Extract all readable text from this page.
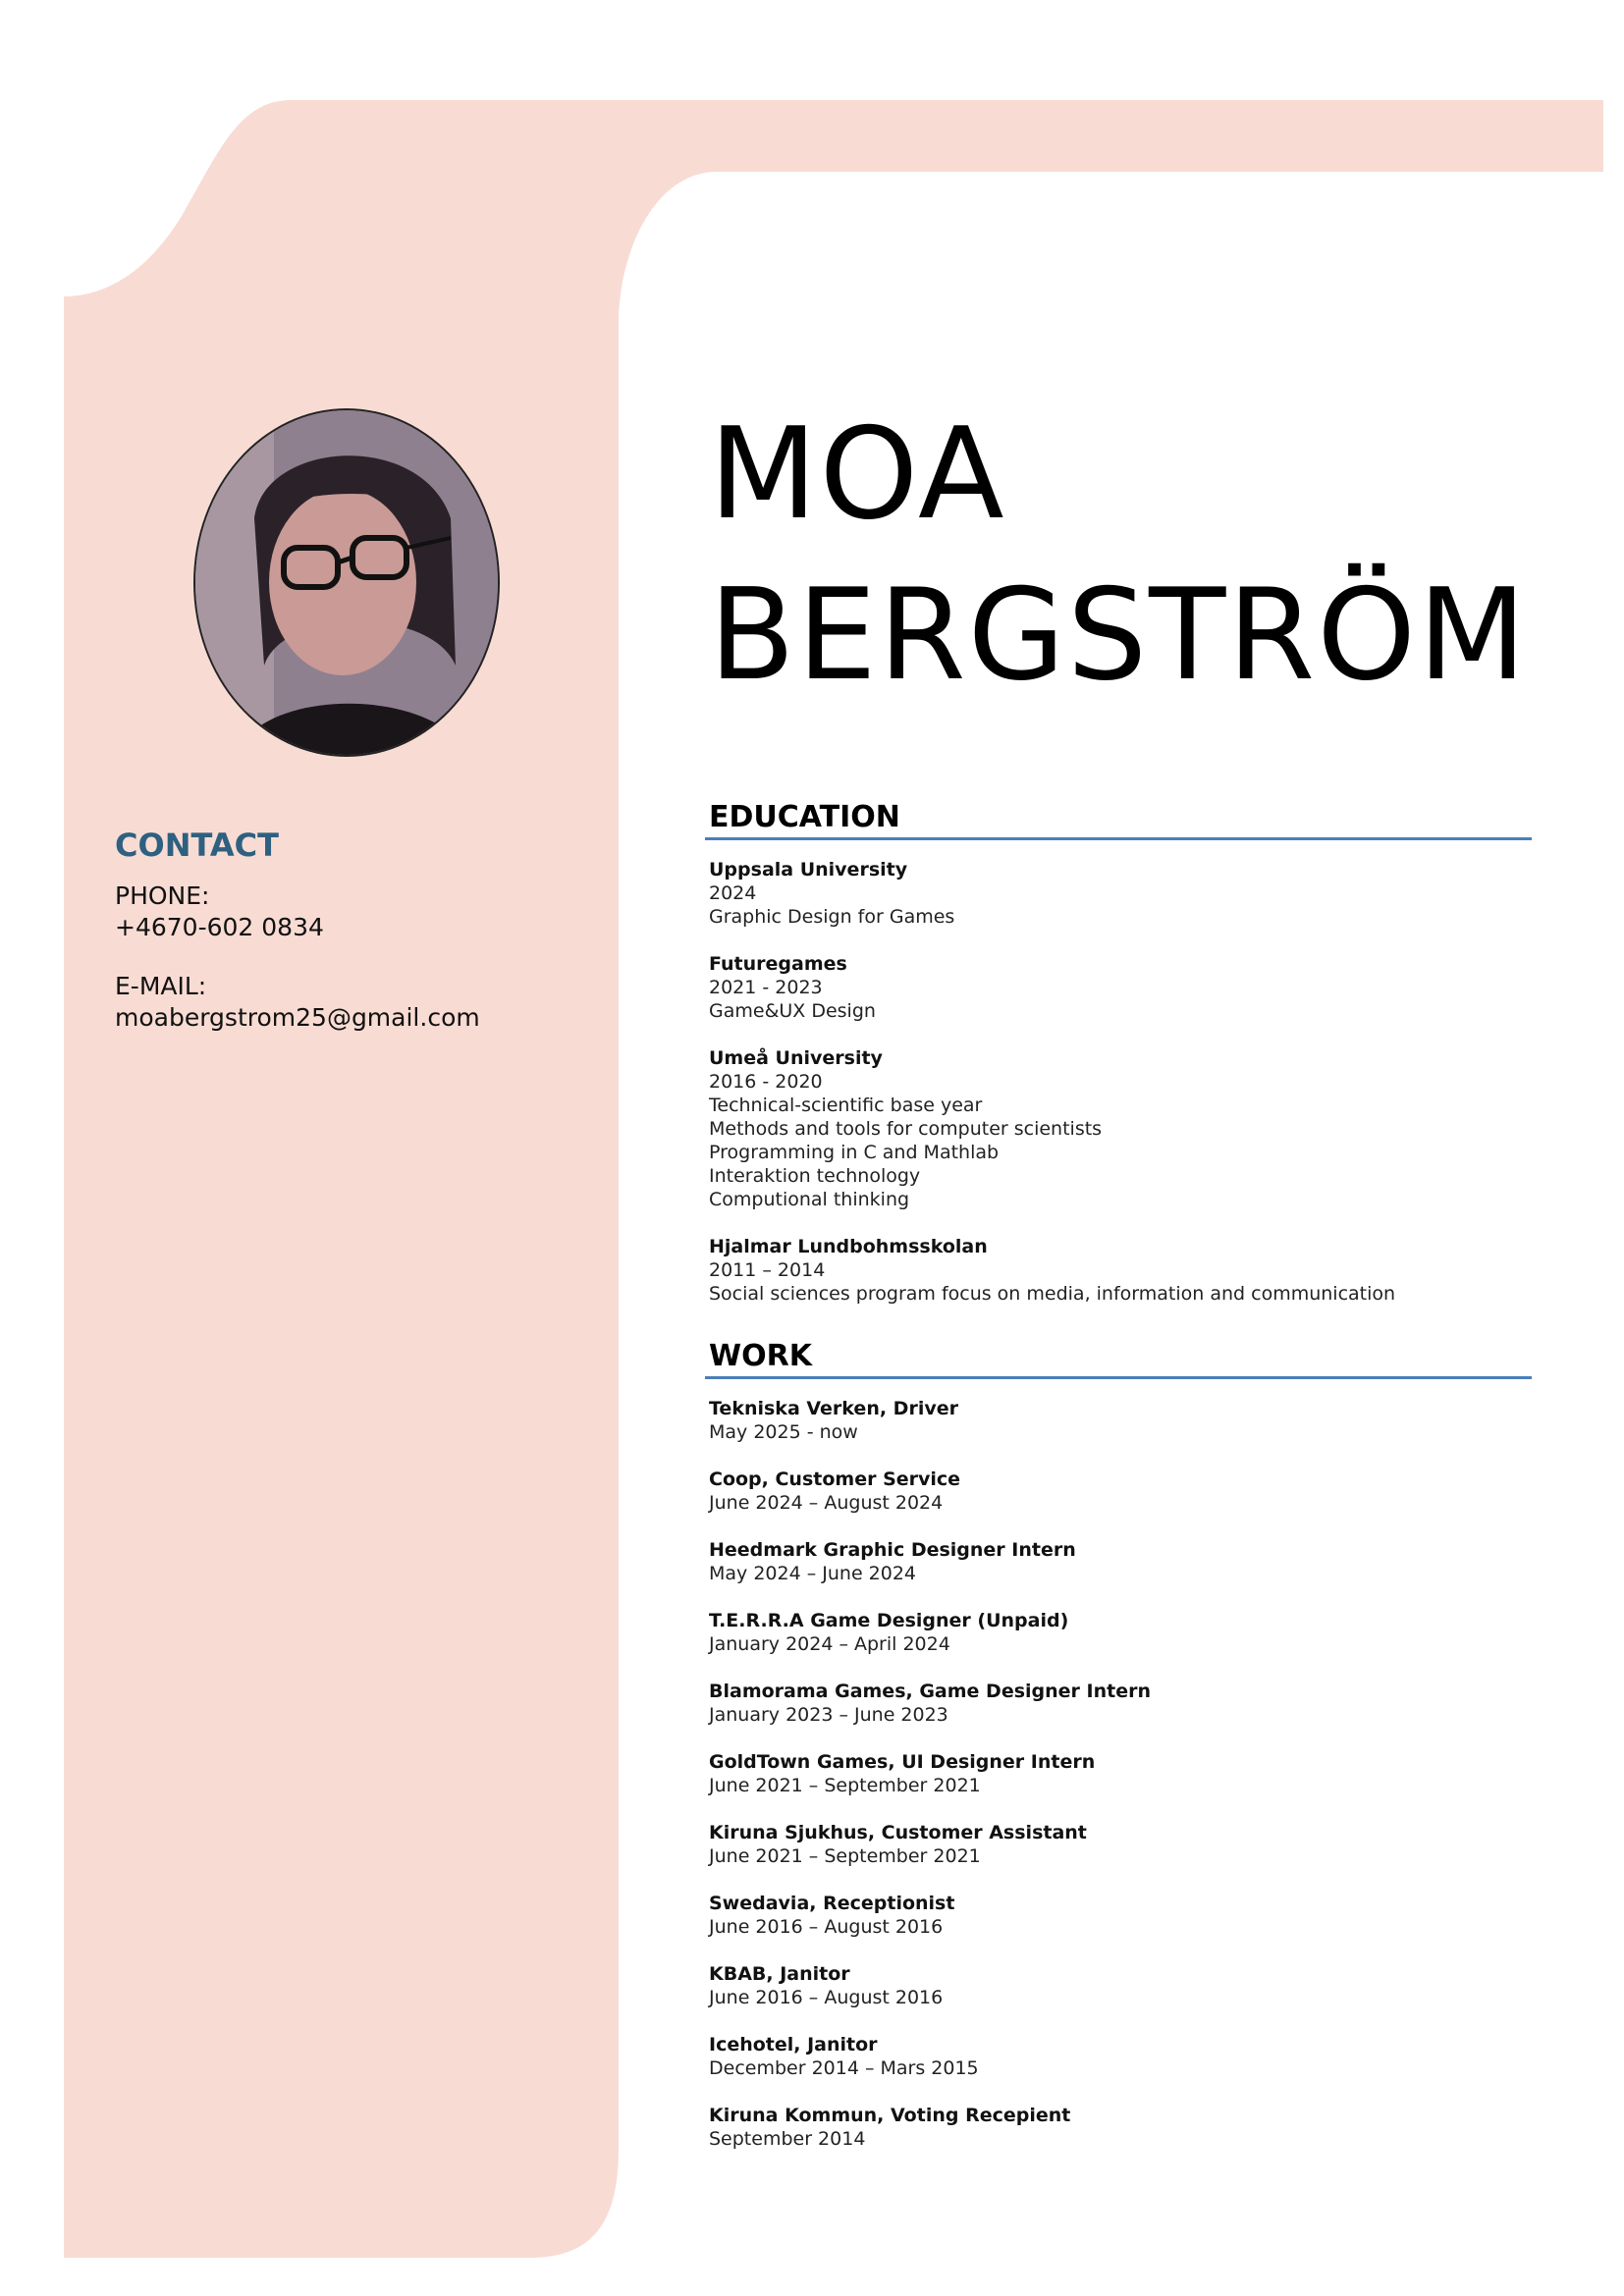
CONTACT

PHONE:

+4670-602 0834

E-MAIL:

moabergstrom25@gmail.com

MOA
BERGSTRÖM
EDUCATION
Uppsala University
2024
Graphic Design for Games
Futuregames
2021 - 2023
Game&UX Design
Umeå University
2016 - 2020
Technical-scientific base year
Methods and tools for computer scientists
Programming in C and Mathlab
Interaktion technology
Computional thinking
Hjalmar Lundbohmsskolan
2011 – 2014
Social sciences program focus on media, information and communication
WORK
Tekniska Verken, Driver
May 2025 - now
Coop, Customer Service
June 2024 – August 2024
Heedmark Graphic Designer Intern
May 2024 – June 2024
T.E.R.R.A Game Designer (Unpaid)
January 2024 – April 2024
Blamorama Games, Game Designer Intern
January 2023 – June 2023
GoldTown Games, UI Designer Intern
June 2021 – September 2021
Kiruna Sjukhus, Customer Assistant
June 2021 – September 2021
Swedavia, Receptionist
June 2016 – August 2016
KBAB, Janitor
June 2016 – August 2016
Icehotel, Janitor
December 2014 – Mars 2015
Kiruna Kommun, Voting Recepient
September 2014
